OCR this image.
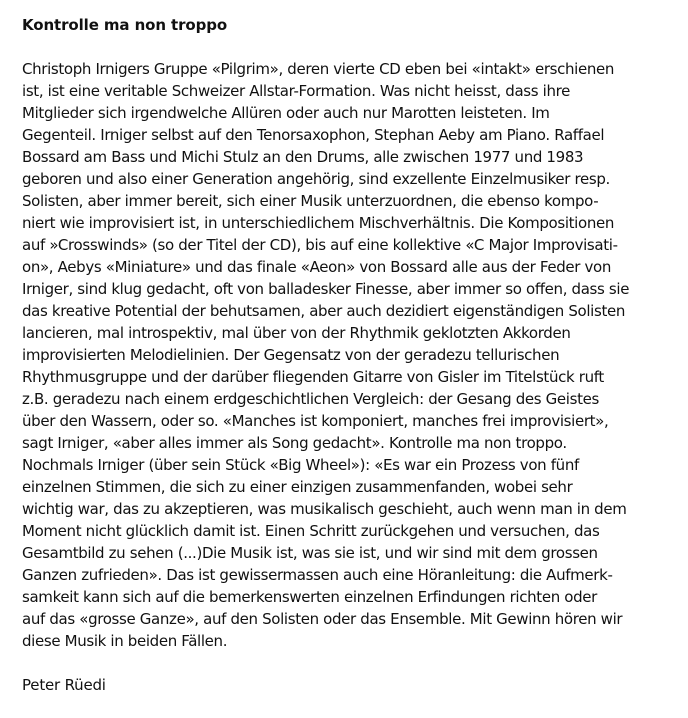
Kontrolle ma non troppo
Christoph Irnigers Gruppe «Pilgrim», deren vierte CD eben bei «intakt» erschienen
ist, ist eine veritable Schweizer Allstar-Formation. Was nicht heisst, dass ihre
Mitglieder sich irgendwelche Allüren oder auch nur Marotten leisteten. Im
Gegenteil. Irniger selbst auf den Tenorsaxophon, Stephan Aeby am Piano. Raffael
Bossard am Bass und Michi Stulz an den Drums, alle zwischen 1977 und 1983
geboren und also einer Generation angehörig, sind exzellente Einzelmusiker resp.
Solisten, aber immer bereit, sich einer Musik unterzuordnen, die ebenso kompo-
niert wie improvisiert ist, in unterschiedlichem Mischverhältnis. Die Kompositionen
auf »Crosswinds» (so der Titel der CD), bis auf eine kollektive «C Major Improvisati-
on», Aebys «Miniature» und das finale «Aeon» von Bossard alle aus der Feder von
Irniger, sind klug gedacht, oft von balladesker Finesse, aber immer so offen, dass sie
das kreative Potential der behutsamen, aber auch dezidiert eigenständigen Solisten
lancieren, mal introspektiv, mal über von der Rhythmik geklotzten Akkorden
improvisierten Melodielinien. Der Gegensatz von der geradezu tellurischen
Rhythmusgruppe und der darüber fliegenden Gitarre von Gisler im Titelstück ruft
z.B. geradezu nach einem erdgeschichtlichen Vergleich: der Gesang des Geistes
über den Wassern, oder so. «Manches ist komponiert, manches frei improvisiert»,
sagt Irniger, «aber alles immer als Song gedacht». Kontrolle ma non troppo.
Nochmals Irniger (über sein Stück «Big Wheel»): «Es war ein Prozess von fünf
einzelnen Stimmen, die sich zu einer einzigen zusammenfanden, wobei sehr
wichtig war, das zu akzeptieren, was musikalisch geschieht, auch wenn man in dem
Moment nicht glücklich damit ist. Einen Schritt zurückgehen und versuchen, das
Gesamtbild zu sehen (...)Die Musik ist, was sie ist, und wir sind mit dem grossen
Ganzen zufrieden». Das ist gewissermassen auch eine Höranleitung: die Aufmerk-
samkeit kann sich auf die bemerkenswerten einzelnen Erfindungen richten oder
auf das «grosse Ganze», auf den Solisten oder das Ensemble. Mit Gewinn hören wir
diese Musik in beiden Fällen.
Peter Rüedi
